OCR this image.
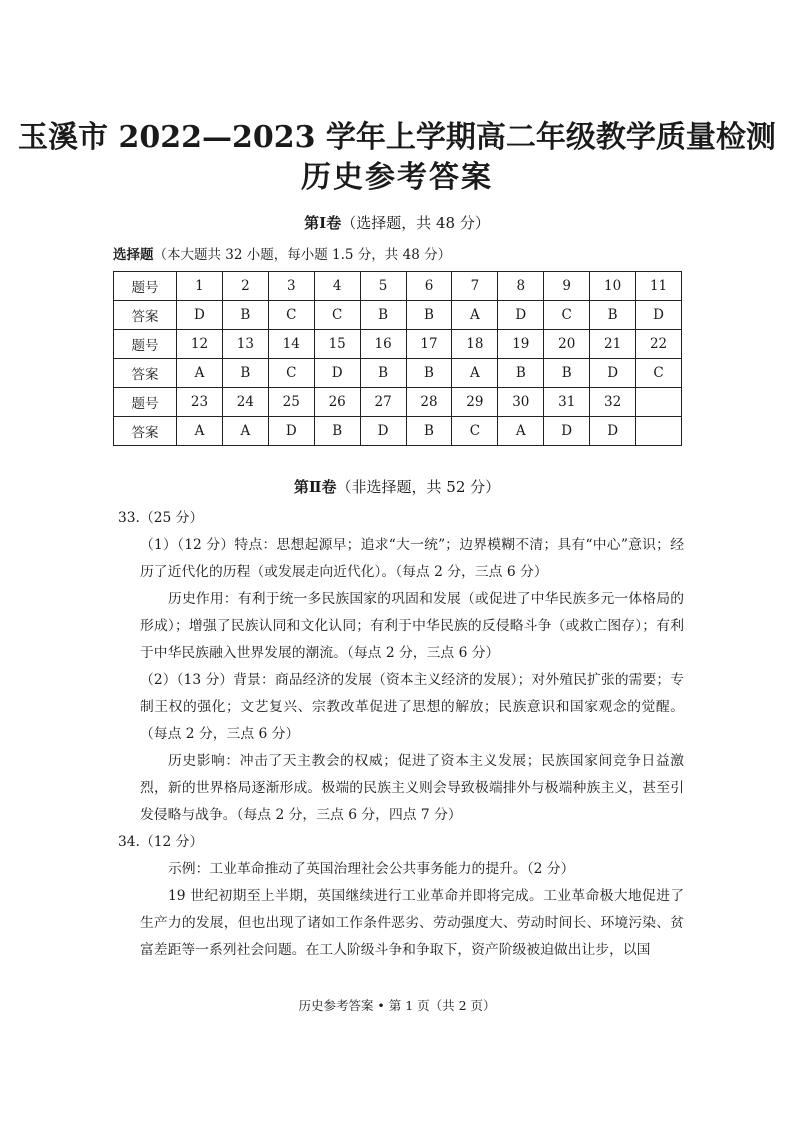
玉溪市 2022—2023 学年上学期高二年级教学质量检测
历史参考答案
第Ⅰ卷（选择题，共 48 分）
选择题（本大题共 32 小题，每小题 1.5 分，共 48 分）
题号	1	2	3	4	5	6	7	8	9	10	11
答案	D	B	C	C	B	B	A	D	C	B	D
题号	12	13	14	15	16	17	18	19	20	21	22
答案	A	B	C	D	B	B	A	B	B	D	C
题号	23	24	25	26	27	28	29	30	31	32	
答案	A	A	D	B	D	B	C	A	D	D	
第Ⅱ卷（非选择题，共 52 分）

33.（25 分）

（1）（12 分）特点：思想起源早；追求“大一统”；边界模糊不清；具有“中心”意识；经历了近代化的历程（或发展走向近代化）。（每点 2 分，三点 6 分）

历史作用：有利于统一多民族国家的巩固和发展（或促进了中华民族多元一体格局的形成）；增强了民族认同和文化认同；有利于中华民族的反侵略斗争（或救亡图存）；有利于中华民族融入世界发展的潮流。（每点 2 分，三点 6 分）

（2）（13 分）背景：商品经济的发展（资本主义经济的发展）；对外殖民扩张的需要；专制王权的强化；文艺复兴、宗教改革促进了思想的解放；民族意识和国家观念的觉醒。（每点 2 分，三点 6 分）

历史影响：冲击了天主教会的权威；促进了资本主义发展；民族国家间竞争日益激烈，新的世界格局逐渐形成。极端的民族主义则会导致极端排外与极端种族主义，甚至引发侵略与战争。（每点 2 分，三点 6 分，四点 7 分）

34.（12 分）

示例：工业革命推动了英国治理社会公共事务能力的提升。（2 分）

19 世纪初期至上半期，英国继续进行工业革命并即将完成。工业革命极大地促进了生产力的发展，但也出现了诸如工作条件恶劣、劳动强度大、劳动时间长、环境污染、贫富差距等一系列社会问题。在工人阶级斗争和争取下，资产阶级被迫做出让步，以国

历史参考答案 • 第 1 页（共 2 页）
